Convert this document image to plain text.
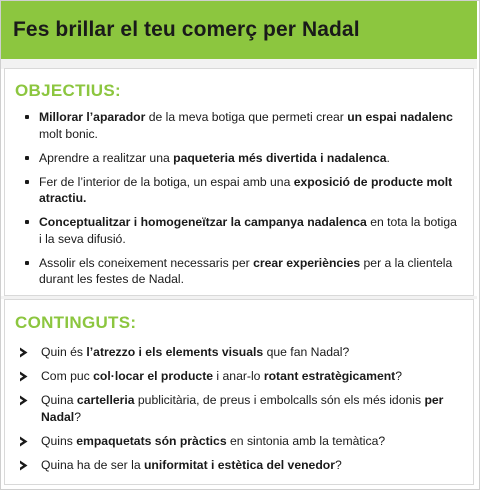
Fes brillar el teu comerç per Nadal
OBJECTIUS:
Millorar l’aparador de la meva botiga que permeti crear un espai nadalenc molt bonic.
Aprendre a realitzar una paqueteria més divertida i nadalenca.
Fer de l’interior de la botiga, un espai amb una exposició de producte molt atractiu.
Conceptualitzar i homogeneïtzar la campanya nadalenca en tota la botiga i la seva difusió.
Assolir els coneixement necessaris per crear experiències per a la clientela durant les festes de Nadal.
CONTINGUTS:
Quin és l’atrezzo i els elements visuals que fan Nadal?
Com puc col·locar el producte i anar-lo rotant estratègicament?
Quina cartelleria publicitària, de preus i embolcalls són els més idonis per Nadal?
Quins empaquetats són pràctics en sintonia amb la temàtica?
Quina ha de ser la uniformitat i estètica del venedor?
